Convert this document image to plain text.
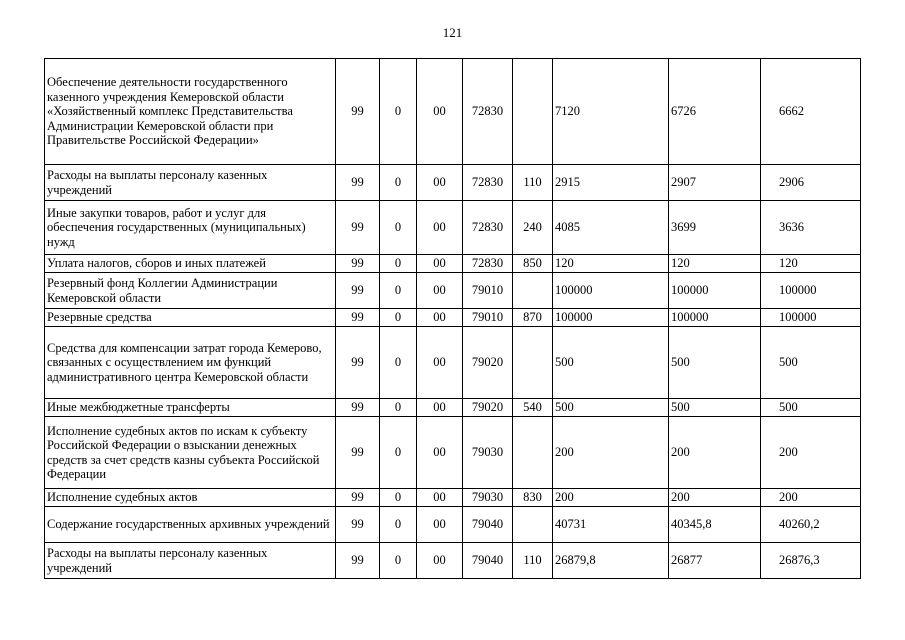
121
Обеспечение деятельности государственного казенного учреждения Кемеровской области «Хозяйственный комплекс Представительства Администрации Кемеровской области при Правительстве Российской Федерации»	99	0	00	72830		7120	6726	6662
Расходы на выплаты персоналу казенных учреждений	99	0	00	72830	110	2915	2907	2906
Иные закупки товаров, работ и услуг для обеспечения государственных (муниципальных) нужд	99	0	00	72830	240	4085	3699	3636
Уплата налогов, сборов и иных платежей	99	0	00	72830	850	120	120	120
Резервный фонд Коллегии Администрации Кемеровской области	99	0	00	79010		100000	100000	100000
Резервные средства	99	0	00	79010	870	100000	100000	100000
Средства для компенсации затрат города Кемерово, связанных с осуществлением им функций административного центра Кемеровской области	99	0	00	79020		500	500	500
Иные межбюджетные трансферты	99	0	00	79020	540	500	500	500
Исполнение судебных актов по искам к субъекту Российской Федерации о взыскании денежных средств за счет средств казны субъекта Российской Федерации	99	0	00	79030		200	200	200
Исполнение судебных актов	99	0	00	79030	830	200	200	200
Содержание государственных архивных учреждений	99	0	00	79040		40731	40345,8	40260,2
Расходы на выплаты персоналу казенных учреждений	99	0	00	79040	110	26879,8	26877	26876,3
